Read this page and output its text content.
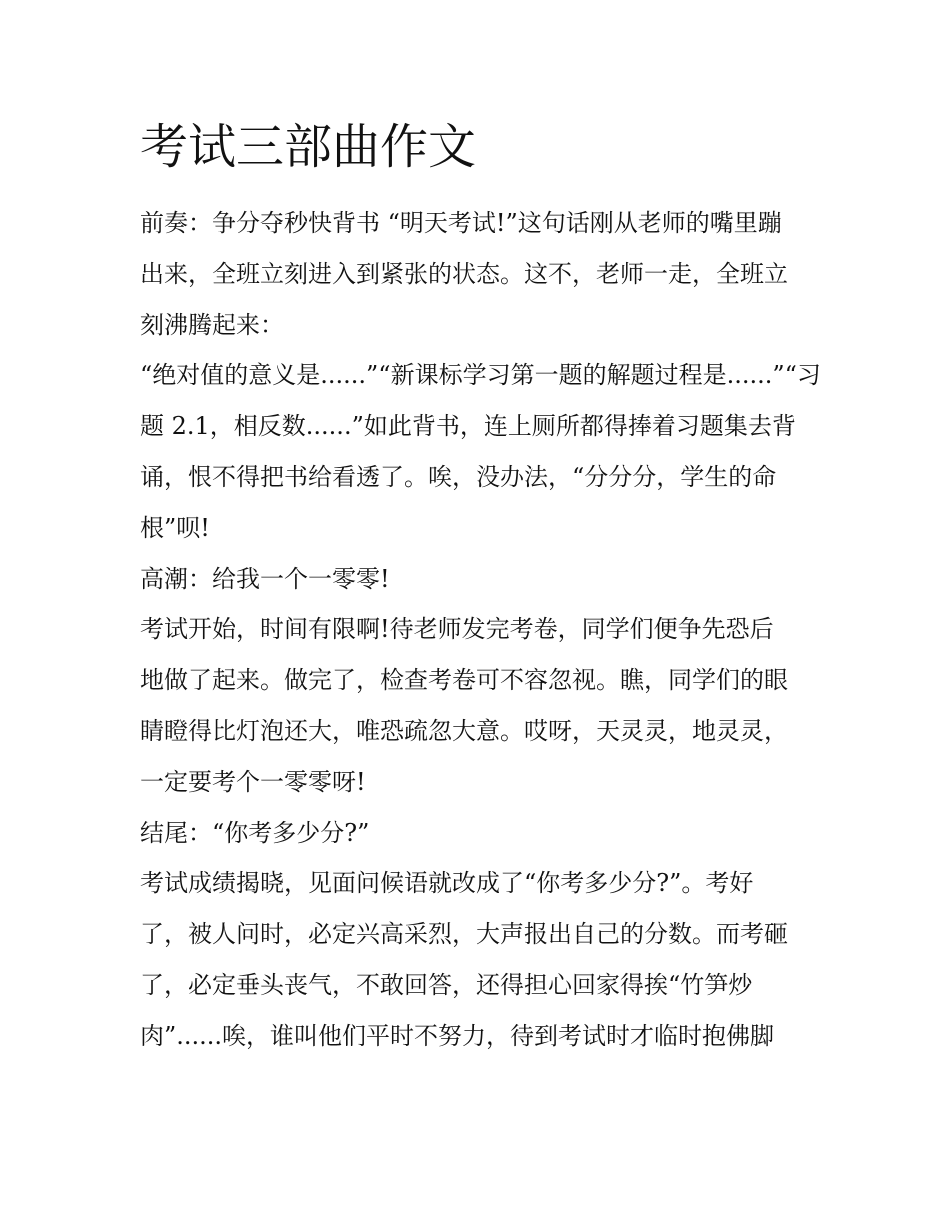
考试三部曲作文
前奏：争分夺秒快背书 “明天考试!”这句话刚从老师的嘴里蹦
出来，全班立刻进入到紧张的状态。这不，老师一走，全班立
刻沸腾起来：
“绝对值的意义是......”“新课标学习第一题的解题过程是......”“习
题 2.1，相反数......”如此背书，连上厕所都得捧着习题集去背
诵，恨不得把书给看透了。唉，没办法，“分分分，学生的命
根”呗!
高潮：给我一个一零零!
考试开始，时间有限啊!待老师发完考卷，同学们便争先恐后
地做了起来。做完了，检查考卷可不容忽视。瞧，同学们的眼
睛瞪得比灯泡还大，唯恐疏忽大意。哎呀，天灵灵，地灵灵，
一定要考个一零零呀!
结尾：“你考多少分?”
考试成绩揭晓，见面问候语就改成了“你考多少分?”。考好
了，被人问时，必定兴高采烈，大声报出自己的分数。而考砸
了，必定垂头丧气，不敢回答，还得担心回家得挨“竹笋炒
肉”......唉，谁叫他们平时不努力，待到考试时才临时抱佛脚
